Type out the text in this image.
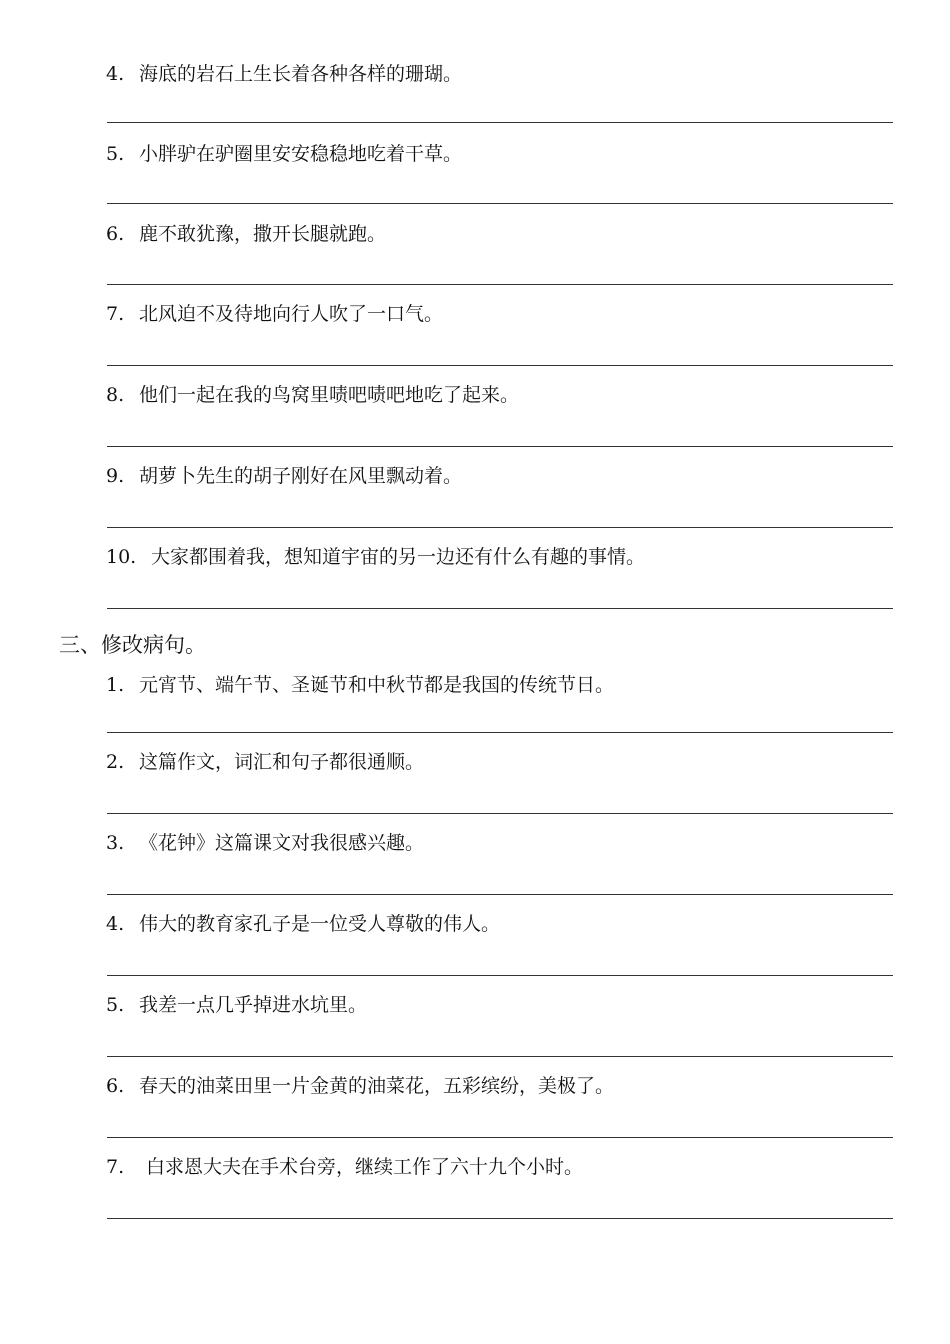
4. 海底的岩石上生长着各种各样的珊瑚。
5. 小胖驴在驴圈里安安稳稳地吃着干草。
6. 鹿不敢犹豫，撒开长腿就跑。
7. 北风迫不及待地向行人吹了一口气。
8. 他们一起在我的鸟窝里啧吧啧吧地吃了起来。
9. 胡萝卜先生的胡子刚好在风里飘动着。
10. 大家都围着我，想知道宇宙的另一边还有什么有趣的事情。
三、修改病句。
1. 元宵节、端午节、圣诞节和中秋节都是我国的传统节日。
2. 这篇作文，词汇和句子都很通顺。
3. 《花钟》这篇课文对我很感兴趣。
4. 伟大的教育家孔子是一位受人尊敬的伟人。
5. 我差一点几乎掉进水坑里。
6. 春天的油菜田里一片金黄的油菜花，五彩缤纷，美极了。
7. 白求恩大夫在手术台旁，继续工作了六十九个小时。
